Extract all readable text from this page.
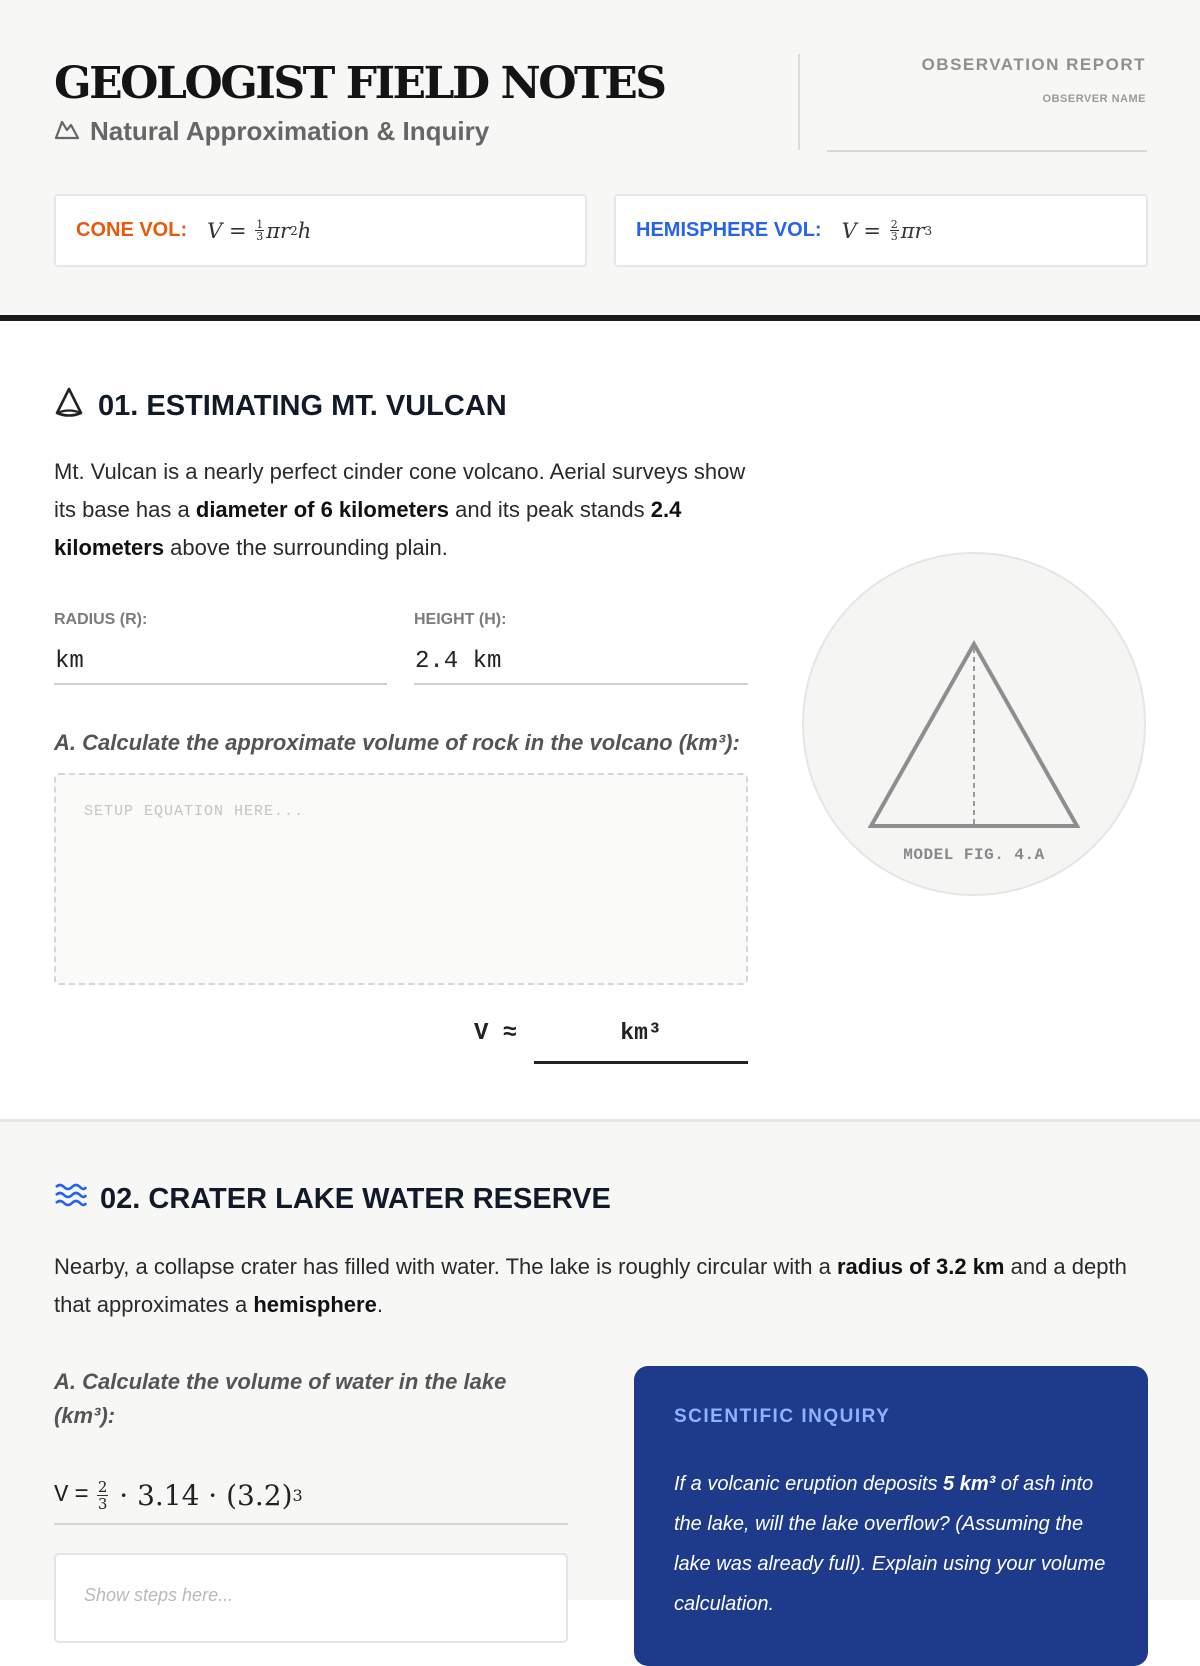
GEOLOGIST FIELD NOTES
Natural Approximation & Inquiry
OBSERVATION REPORT
OBSERVER NAME
CONE VOL: V =
$\frac{1}{3}$ πr 2 h	HEMISPHERE VOL: V =
$\frac{2}{3}$ πr 3
01. ESTIMATING MT. VULCAN
Mt. Vulcan is a nearly perfect cinder cone volcano. Aerial surveys show its base has a diameter of 6 kilometers and its peak stands 2.4 kilometers above the surrounding plain.
RADIUS (R):
km	HEIGHT (H):
2.4 km
A. Calculate the approximate volume of rock in the volcano (km³):
SETUP EQUATION HERE...
V ≈	km³
MODEL FIG. 4.A
02. CRATER LAKE WATER RESERVE
Nearby, a collapse crater has filled with water. The lake is roughly circular with a radius of 3.2 km and a depth that approximates a hemisphere.
A. Calculate the volume of water in the lake (km³):
$V = \frac{2}{3}$
· 3.14 · (3.2) 3
Show steps here...
SCIENTIFIC INQUIRY
If a volcanic eruption deposits 5 km³ of ash into the lake, will the lake overflow? (Assuming the lake was already full). Explain using your volume calculation.
